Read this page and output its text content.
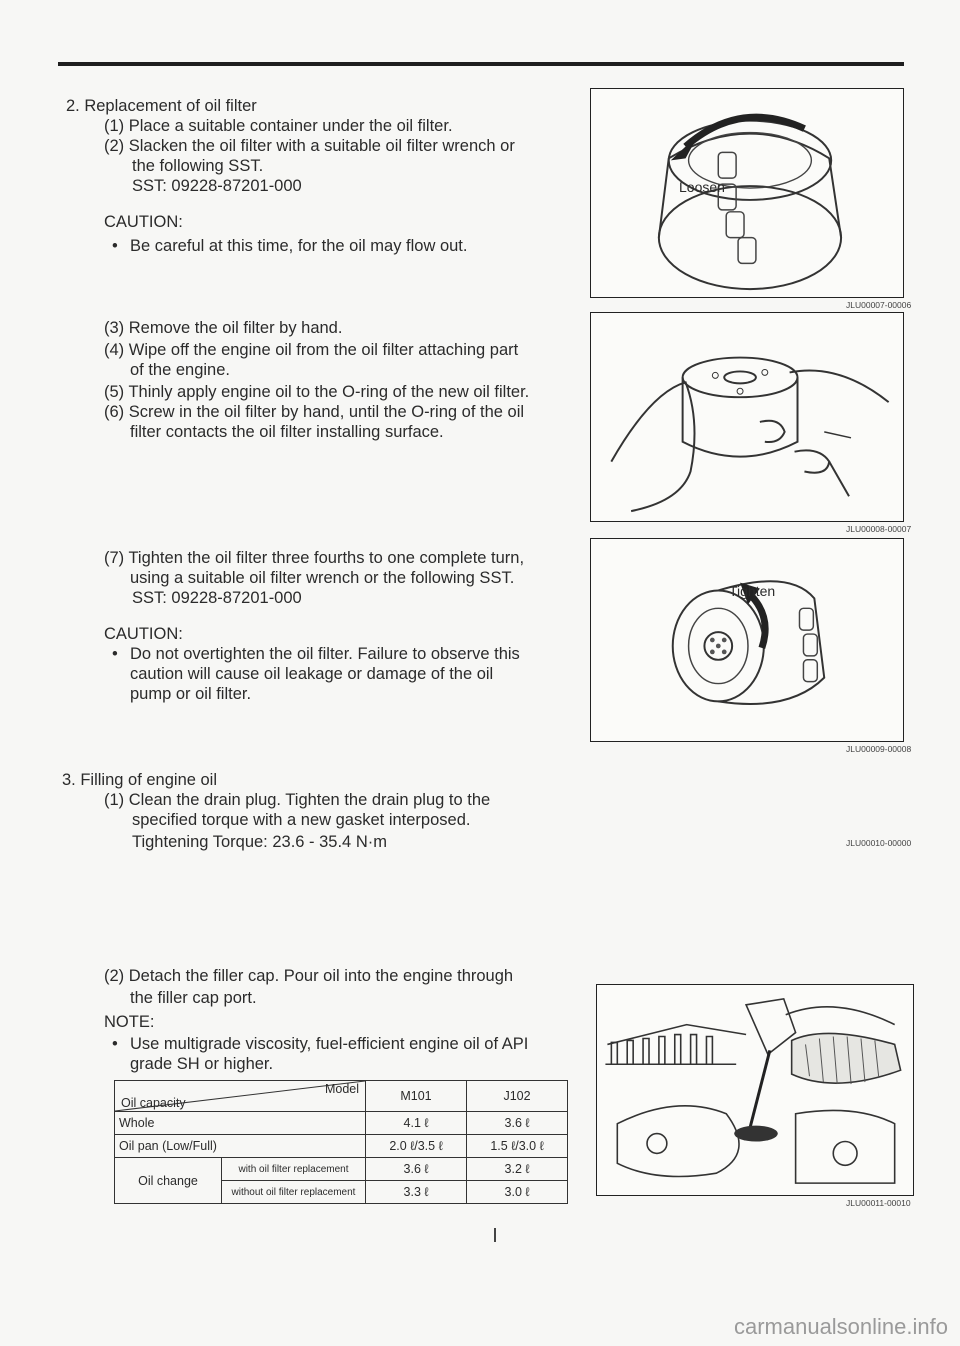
2. Replacement of oil filter
(1) Place a suitable container under the oil filter.
(2) Slacken the oil filter with a suitable oil filter wrench or
the following SST.
SST: 09228-87201-000
CAUTION:
• Be careful at this time, for the oil may flow out.
(3) Remove the oil filter by hand.
(4) Wipe off the engine oil from the oil filter attaching part
of the engine.
(5) Thinly apply engine oil to the O-ring of the new oil filter.
(6) Screw in the oil filter by hand, until the O-ring of the oil
filter contacts the oil filter installing surface.
(7) Tighten the oil filter three fourths to one complete turn,
using a suitable oil filter wrench or the following SST.
SST: 09228-87201-000
CAUTION:
• Do not overtighten the oil filter. Failure to observe this
caution will cause oil leakage or damage of the oil
pump or oil filter.
3. Filling of engine oil
(1) Clean the drain plug. Tighten the drain plug to the
specified torque with a new gasket interposed.
Tightening Torque: 23.6 - 35.4 N·m
(2) Detach the filler cap. Pour oil into the engine through
the filler cap port.
NOTE:
• Use multigrade viscosity, fuel-efficient engine oil of API
grade SH or higher.
Model
Oil capacity		M101	J102
Whole		4.1 ℓ	3.6 ℓ
Oil pan (Low/Full)		2.0 ℓ/3.5 ℓ	1.5 ℓ/3.0 ℓ
Oil change	with oil filter replacement	3.6 ℓ	3.2 ℓ
	without oil filter replacement	3.3 ℓ	3.0 ℓ
Loosen
JLU00007-00006
JLU00008-00007
Tighten
JLU00009-00008
JLU00010-00000
JLU00011-00010
carmanualsonline.info
